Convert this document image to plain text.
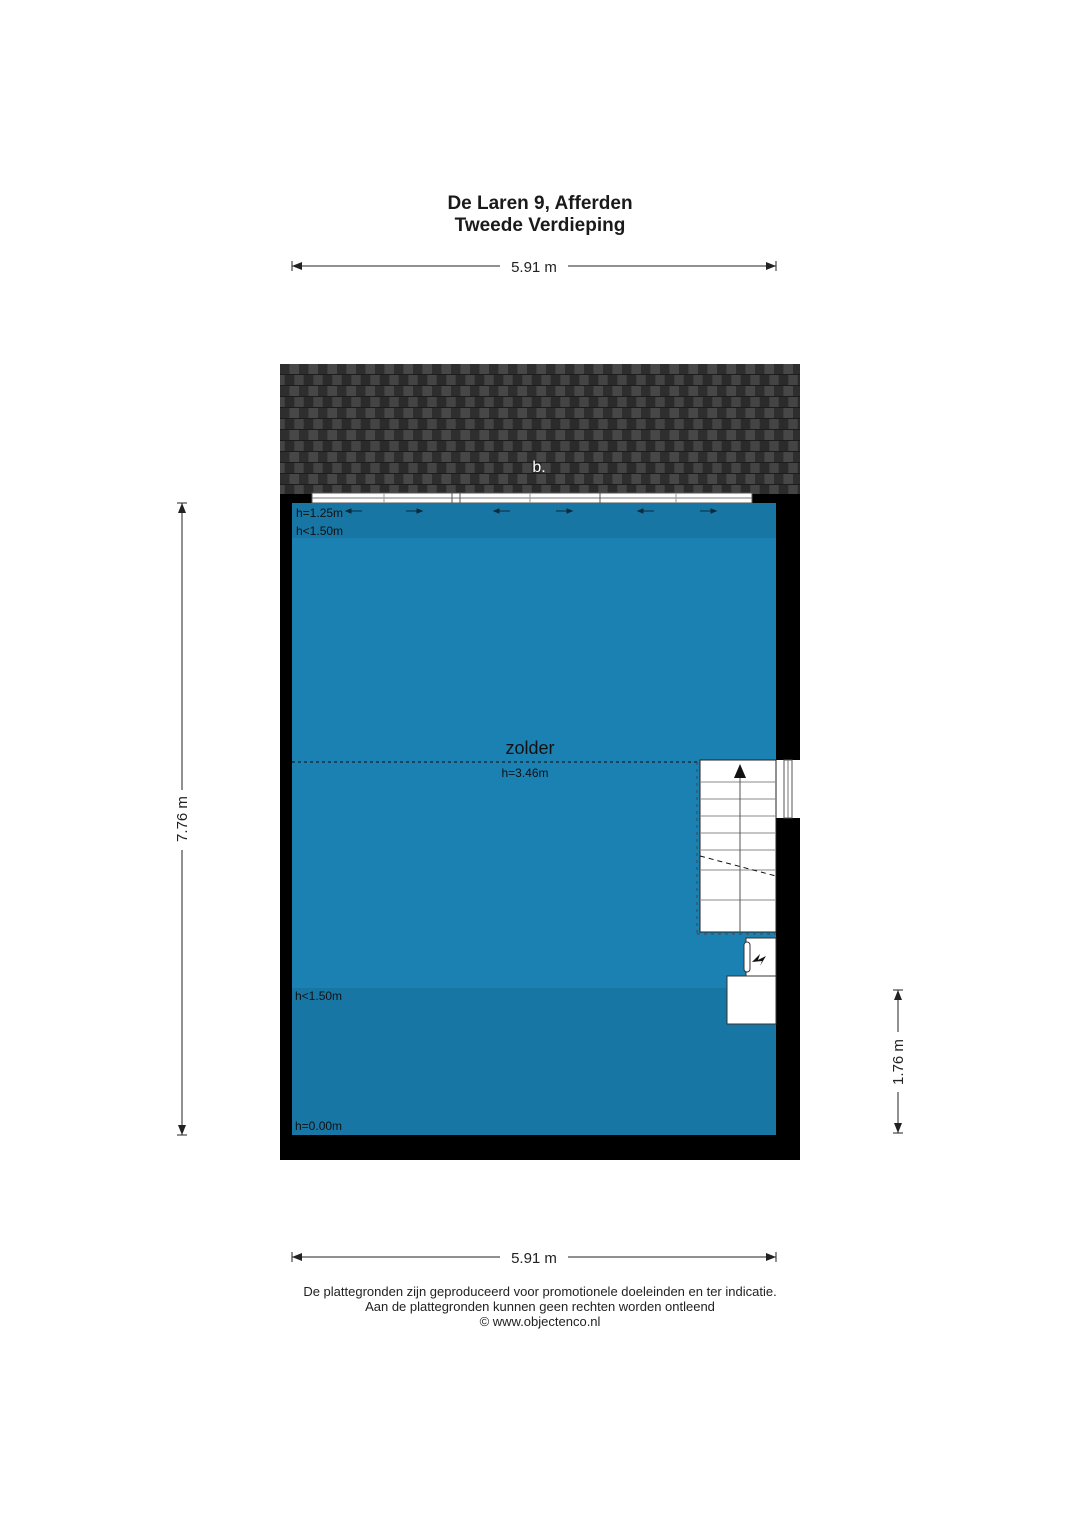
De Laren 9, Afferden
Tweede Verdieping
5.91 m
b.
h=1.25m
h<1.50m
zolder
h=3.46m
h<1.50m
h=0.00m
7.76 m
1.76 m
5.91 m
De plattegronden zijn geproduceerd voor promotionele doeleinden en ter indicatie.
Aan de plattegronden kunnen geen rechten worden ontleend
© www.objectenco.nl
